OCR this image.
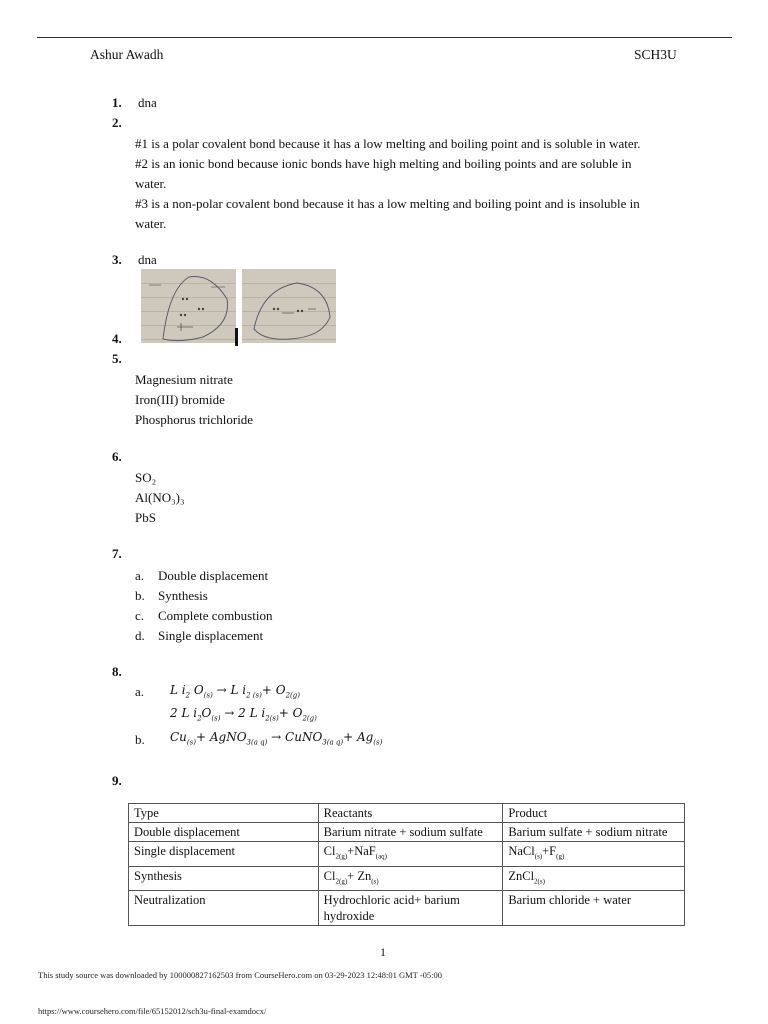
Ashur Awadh	SCH3U
1. dna
2.
#1 is a polar covalent bond because it has a low melting and boiling point and is soluble in water.
#2 is an ionic bond because ionic bonds have high melting and boiling points and are soluble in
water.
#3 is a non-polar covalent bond because it has a low melting and boiling point and is insoluble in
water.
3. dna
4.
5.
Magnesium nitrate
Iron(III) bromide
Phosphorus trichloride
6.
SO₂
Al(NO₃)₃
PbS
7.
a. Double displacement
b. Synthesis
c. Complete combustion
d. Single displacement
8.
a. L $i_2$ $O_{(s)} \to L$ $i_{2 (s)}+ O_{2(g)}$
2 L $i_2O_{(s)} \to 2$ L $i_{2(s)}+ O_{2(g)}$
b. $Cu_{(s)}+$ AgNO$_{3(a q)}$ → CuNO$_{3(a q)}$+ $Ag_{(s)}$
9.
Type	Reactants	Product
Double displacement	Barium nitrate + sodium sulfate	Barium sulfate + sodium nitrate
Single displacement	$Cl_{2(g)}+NaF_{(aq)}$	$NaCl_{(s)}+F_{(g)}$
Synthesis	$Cl_{2(g)}+ Zn_{(s)}$	ZnCl$_{2(s)}$
Neutralization	Hydrochloric acid+ barium hydroxide	Barium chloride + water
1
This study source was downloaded by 100000827162503 from CourseHero.com on 03-29-2023 12:48:01 GMT -05:00
https://www.coursehero.com/file/65152012/sch3u-final-examdocx/
